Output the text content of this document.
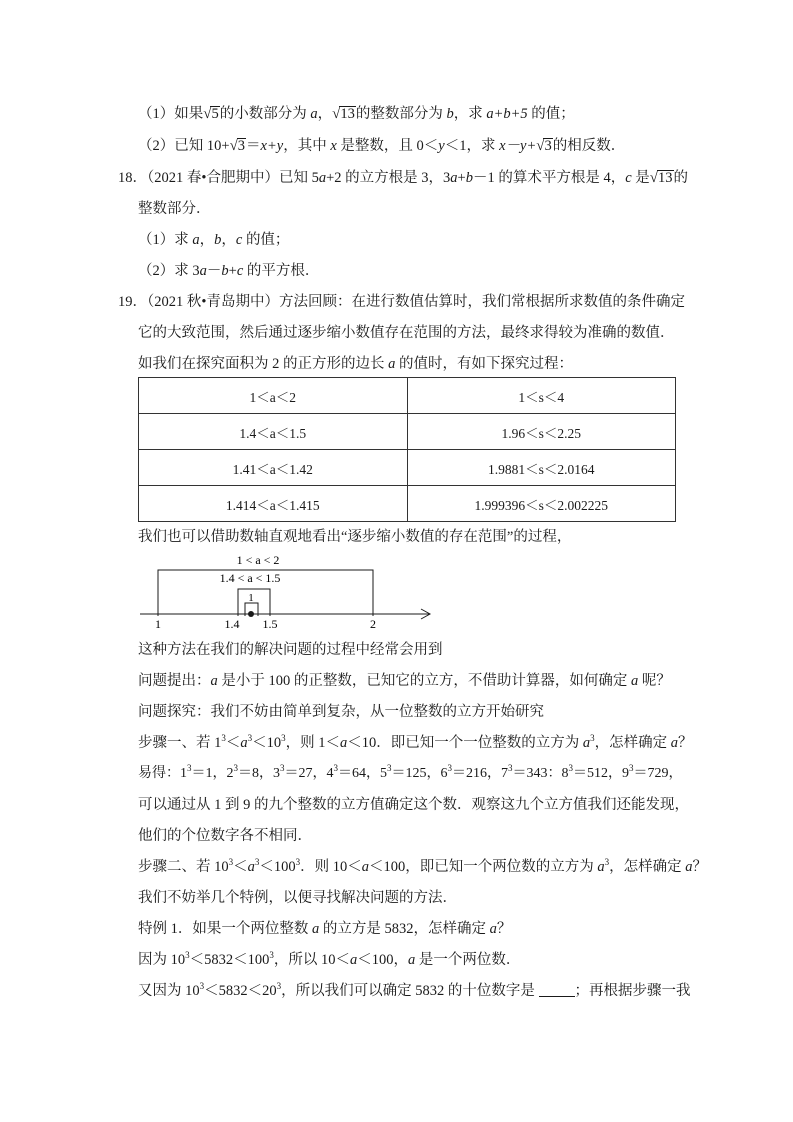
（1）如果√5的小数部分为 a，√13的整数部分为 b，求 a+b+5 的值；
（2）已知 10+√3＝x+y，其中 x 是整数，且 0＜y＜1，求 x－y+√3的相反数．
18．（2021 春•合肥期中）已知 5a+2 的立方根是 3，3a+b－1 的算术平方根是 4，c 是√13的
整数部分．
（1）求 a，b，c 的值；
（2）求 3a－b+c 的平方根．
19．（2021 秋•青岛期中）方法回顾：在进行数值估算时，我们常根据所求数值的条件确定
它的大致范围，然后通过逐步缩小数值存在范围的方法，最终求得较为准确的数值．
如我们在探究面积为 2 的正方形的边长 a 的值时，有如下探究过程：
1＜a＜2	1＜s＜4
1.4＜a＜1.5	1.96＜s＜2.25
1.41＜a＜1.42	1.9881＜s＜2.0164
1.414＜a＜1.415	1.999396＜s＜2.002225
我们也可以借助数轴直观地看出“逐步缩小数值的存在范围”的过程，
1 < a < 2
1.4 < a < 1.5
1
1	1.4 1.5	2
这种方法在我们的解决问题的过程中经常会用到
问题提出：a 是小于 100 的正整数，已知它的立方，不借助计算器，如何确定 a 呢？
问题探究：我们不妨由简单到复杂，从一位整数的立方开始研究
步骤一、若 $1^3<a^3<10^3$，则 1＜a＜10．即已知一个一位整数的立方为 $a^3$，怎样确定 a？
易得：$1^3=1$，$2^3=8$，$3^3=27$，$4^3=64$，$5^3=125$，$6^3=216$，$7^3=343$：$8^3=512$，$9^3=729$，
可以通过从 1 到 9 的九个整数的立方值确定这个数．观察这九个立方值我们还能发现，
他们的个位数字各不相同．
步骤二、若 $10^3<a^3<100^3$．则 10＜a＜100，即已知一个两位数的立方为 $a^3$，怎样确定 a？
我们不妨举几个特例，以便寻找解决问题的方法．
特例 1．如果一个两位整数 a 的立方是 5832，怎样确定 a？
因为 $10^3<5832<100^3$，所以 10＜a＜100，a 是一个两位数．
又因为 $10^3<5832<20^3$，所以我们可以确定 5832 的十位数字是 ；再根据步骤一我
